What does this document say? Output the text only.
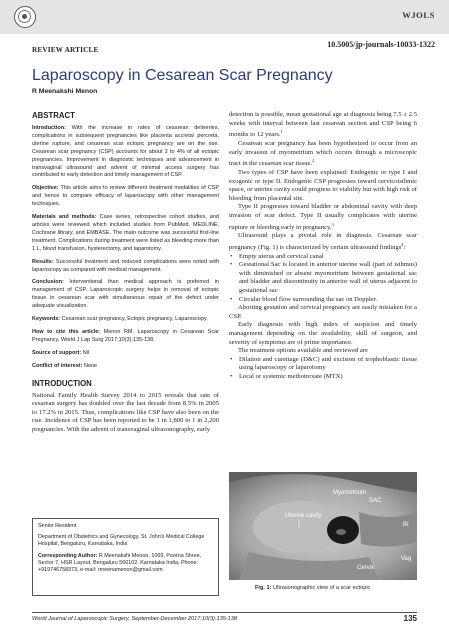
WJOLS
10.5005/jp-journals-10033-1322
REVIEW ARTICLE
Laparoscopy in Cesarean Scar Pregnancy
R Meenakshi Menon
ABSTRACT

Introduction: With the increase in rates of cesarean deliveries, complications in subsequent pregnancies like placenta accreta/ percreta, uterine rupture, and cesarean scar ectopic pregnancy are on the rise. Cesarean scar pregnancy (CSP) accounts for about 2 to 4% of all ectopic pregnancies. Improvement in diagnostic techniques and advancement in transvaginal ultrasound and advent of minimal access surgery has contributed to early detection and timely management of CSP.

Objective: This article aims to review different treatment modalities of CSP and hence to compare efficacy of laparoscopy with other management techniques.

Materials and methods: Case series, retrospective cohort studies, and articles were reviewed which included studies from PubMed, MEDLINE, Cochrane library, and EMBASE. The main outcome was successful first-line treatment. Complications during treatment were listed as bleeding more than 1 L, blood transfusion, hysterectomy, and laparotomy.

Results: Successful treatment and reduced complications were noted with laparoscopy as compared with medical management.

Conclusion: Interventional than medical approach is preferred in management of CSP. Laparoscopic surgery helps in removal of ectopic tissue in cesarean scar with simultaneous repair of the defect under adequate visualization.

Keywords: Cesarean scar pregnancy, Ectopic pregnancy, Laparoscopy.

How to cite this article: Menon RM. Laparoscopy in Cesarean Scar Pregnancy. World J Lap Surg 2017;10(3):135-138.

Source of support: Nil

Conflict of interest: None

INTRODUCTION

National Family Health Survey 2014 to 2015 reveals that rate of cesarean surgery has doubled over the last decade from 8.5% in 2005 to 17.2% in 2015. Thus, complications like CSP have also been on the rise. Incidence of CSP has been reported to be 1 in 1,800 to 1 in 2,200 pregnancies. With the advent of transvaginal ultrasonography, early

Senior Resident

Department of Obstetrics and Gynecology, St. John's Medical College Hospital, Bengaluru, Karnataka, India

Corresponding Author: R Meenakshi Menon, 1069, Poorna Shree, Sector 7, HSR Layout, Bengaluru 560102, Karnataka India, Phone: +919746758373, e-mail: rmeenamenon@gmail.com

detection is possible, mean gestational age at diagnosis being 7.5 ± 2.5 weeks with interval between last cesarean section and CSP being 6 months to 12 years.$^1$

Cesarean scar pregnancy has been hypothesized to occur from an early invasion of myometrium which occurs through a microscopic tract in the cesarean scar tissue.$^2$

Two types of CSP have been explained: Endogenic or type I and exogenic or type II. Endogenic CSP progresses toward cervicoisthmic space, or uterine cavity could progress to viability but with high risk of bleeding from placental site.

Type II progresses toward bladder or abdominal cavity with deep invasion of scar defect. Type II usually complicates with uterine rupture or bleeding early in pregnancy.$^3$

Ultrasound plays a pivotal role in diagnosis. Cesarean scar pregnancy (Fig. 1) is characterized by certain ultrasound findings$^4$:

• Empty uterus and cervical canal
• Gestational Sac is located in anterior uterine wall (part of isthmus) with diminished or absent myometrium between gestational sac and bladder and discontinuity in anterior wall of uterus adjacent to gestational sac
• Circular blood flow surrounding the sac on Doppler.

Aborting gestation and cervical pregnancy are easily mistaken for a CSP.

Early diagnosis with high index of suspicion and timely management depending on the availability, skill of surgeon, and severity of symptoms are of prime importance.

The treatment options available and reviewed are

• Dilation and curettage (D&C) and excision of trophoblastic tissue using laparoscopy or laparotomy
• Local or systemic methotrexate (MTX)
Uterine cavity
Myometrium
SAC
BI
Vag
Cervix
Fig. 1: Ultrasonographic view of a scar ectopic
World Journal of Laparoscopic Surgery, September-December 2017;10(3):135-138	135
